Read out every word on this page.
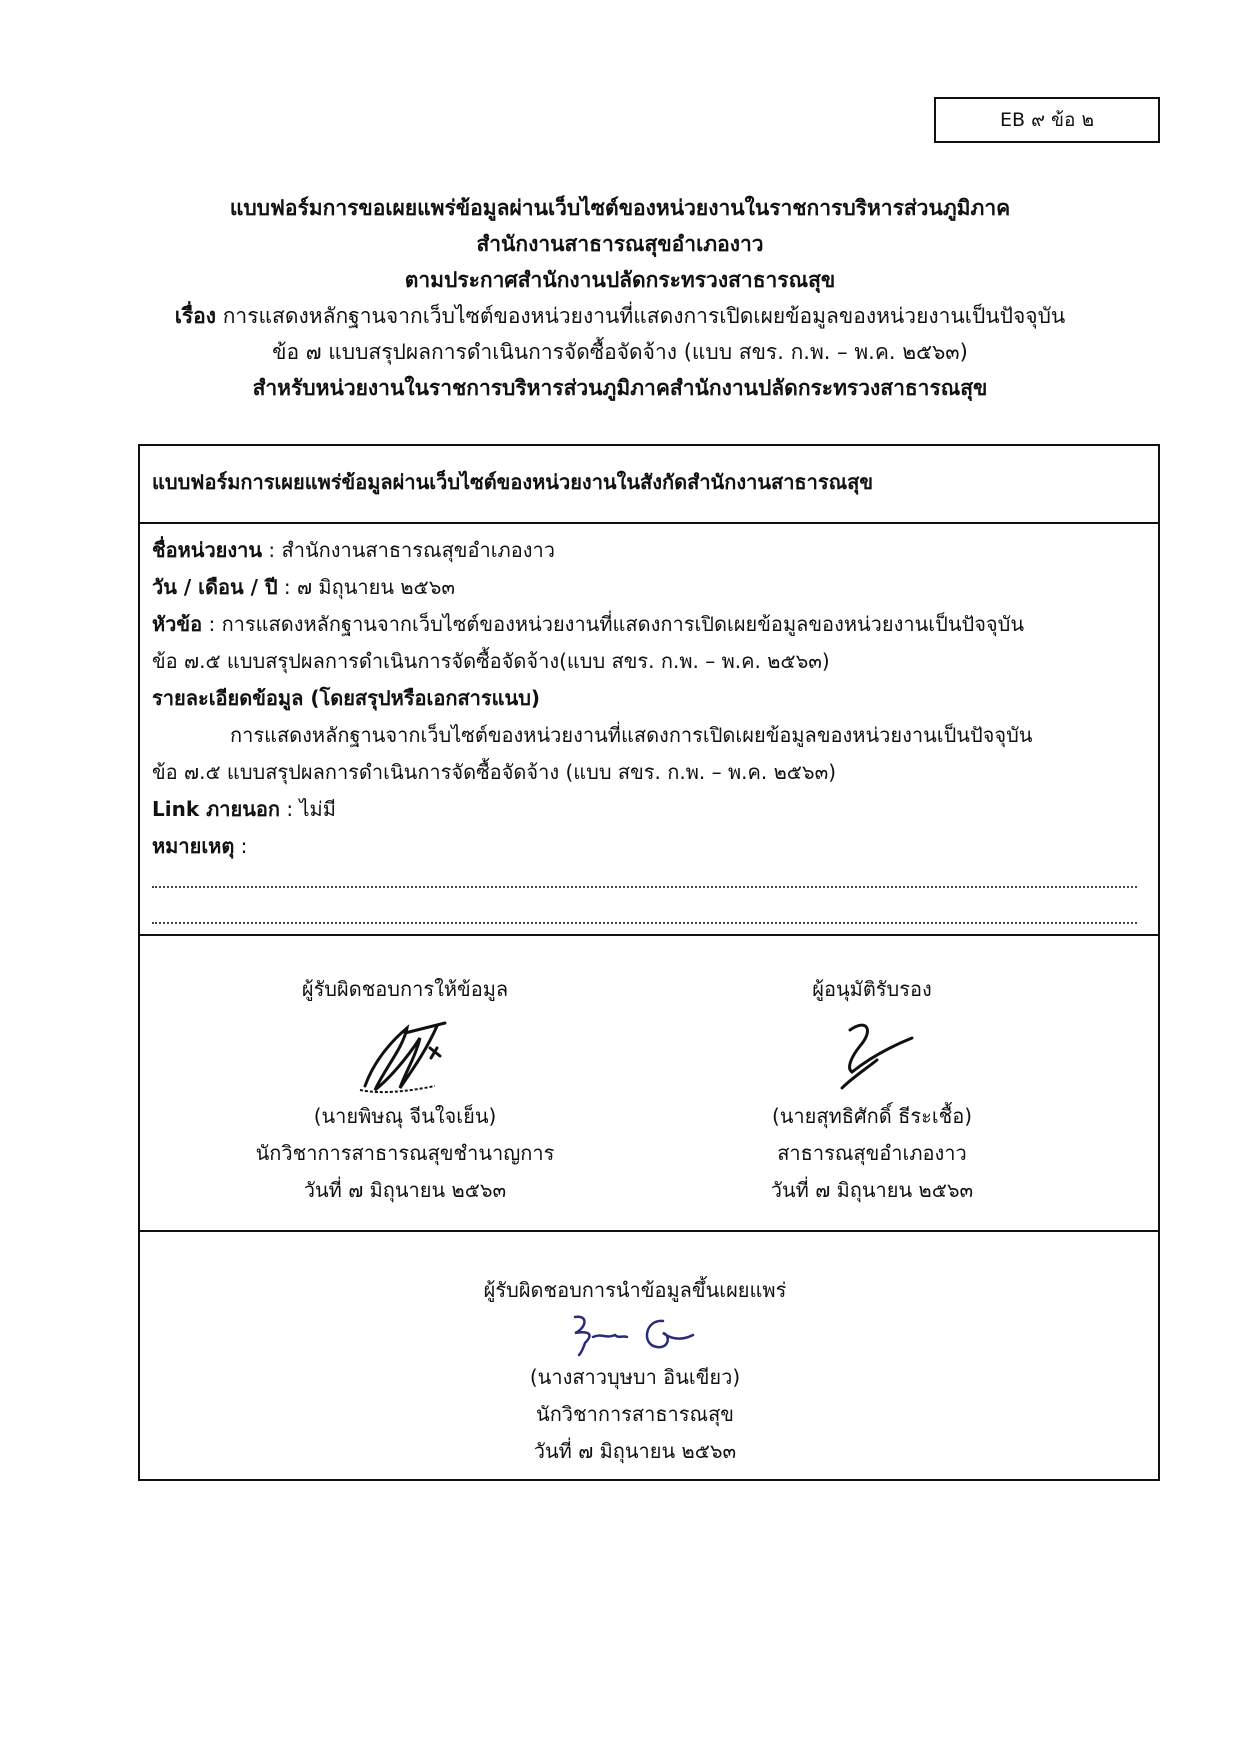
EB ๙ ข้อ ๒
แบบฟอร์มการขอเผยแพร่ข้อมูลผ่านเว็บไซต์ของหน่วยงานในราชการบริหารส่วนภูมิภาค
สำนักงานสาธารณสุขอำเภองาว
ตามประกาศสำนักงานปลัดกระทรวงสาธารณสุข
เรื่อง การแสดงหลักฐานจากเว็บไซต์ของหน่วยงานที่แสดงการเปิดเผยข้อมูลของหน่วยงานเป็นปัจจุบัน
ข้อ ๗ แบบสรุปผลการดำเนินการจัดซื้อจัดจ้าง (แบบ สขร. ก.พ. – พ.ค. ๒๕๖๓)
สำหรับหน่วยงานในราชการบริหารส่วนภูมิภาคสำนักงานปลัดกระทรวงสาธารณสุข
แบบฟอร์มการเผยแพร่ข้อมูลผ่านเว็บไซต์ของหน่วยงานในสังกัดสำนักงานสาธารณสุข
ชื่อหน่วยงาน : สำนักงานสาธารณสุขอำเภองาว
วัน / เดือน / ปี : ๗ มิถุนายน ๒๕๖๓
หัวข้อ : การแสดงหลักฐานจากเว็บไซต์ของหน่วยงานที่แสดงการเปิดเผยข้อมูลของหน่วยงานเป็นปัจจุบัน
ข้อ ๗.๕ แบบสรุปผลการดำเนินการจัดซื้อจัดจ้าง(แบบ สขร. ก.พ. – พ.ค. ๒๕๖๓)
รายละเอียดข้อมูล (โดยสรุปหรือเอกสารแนบ)
การแสดงหลักฐานจากเว็บไซต์ของหน่วยงานที่แสดงการเปิดเผยข้อมูลของหน่วยงานเป็นปัจจุบัน
ข้อ ๗.๕ แบบสรุปผลการดำเนินการจัดซื้อจัดจ้าง (แบบ สขร. ก.พ. – พ.ค. ๒๕๖๓)
Link ภายนอก : ไม่มี
หมายเหตุ :
ผู้รับผิดชอบการให้ข้อมูล
(นายพิษณุ จีนใจเย็น)
นักวิชาการสาธารณสุขชำนาญการ
วันที่ ๗ มิถุนายน ๒๕๖๓
ผู้อนุมัติรับรอง
(นายสุทธิศักดิ์ ธีระเชื้อ)
สาธารณสุขอำเภองาว
วันที่ ๗ มิถุนายน ๒๕๖๓
ผู้รับผิดชอบการนำข้อมูลขึ้นเผยแพร่
(นางสาวบุษบา อินเขียว)
นักวิชาการสาธารณสุข
วันที่ ๗ มิถุนายน ๒๕๖๓
